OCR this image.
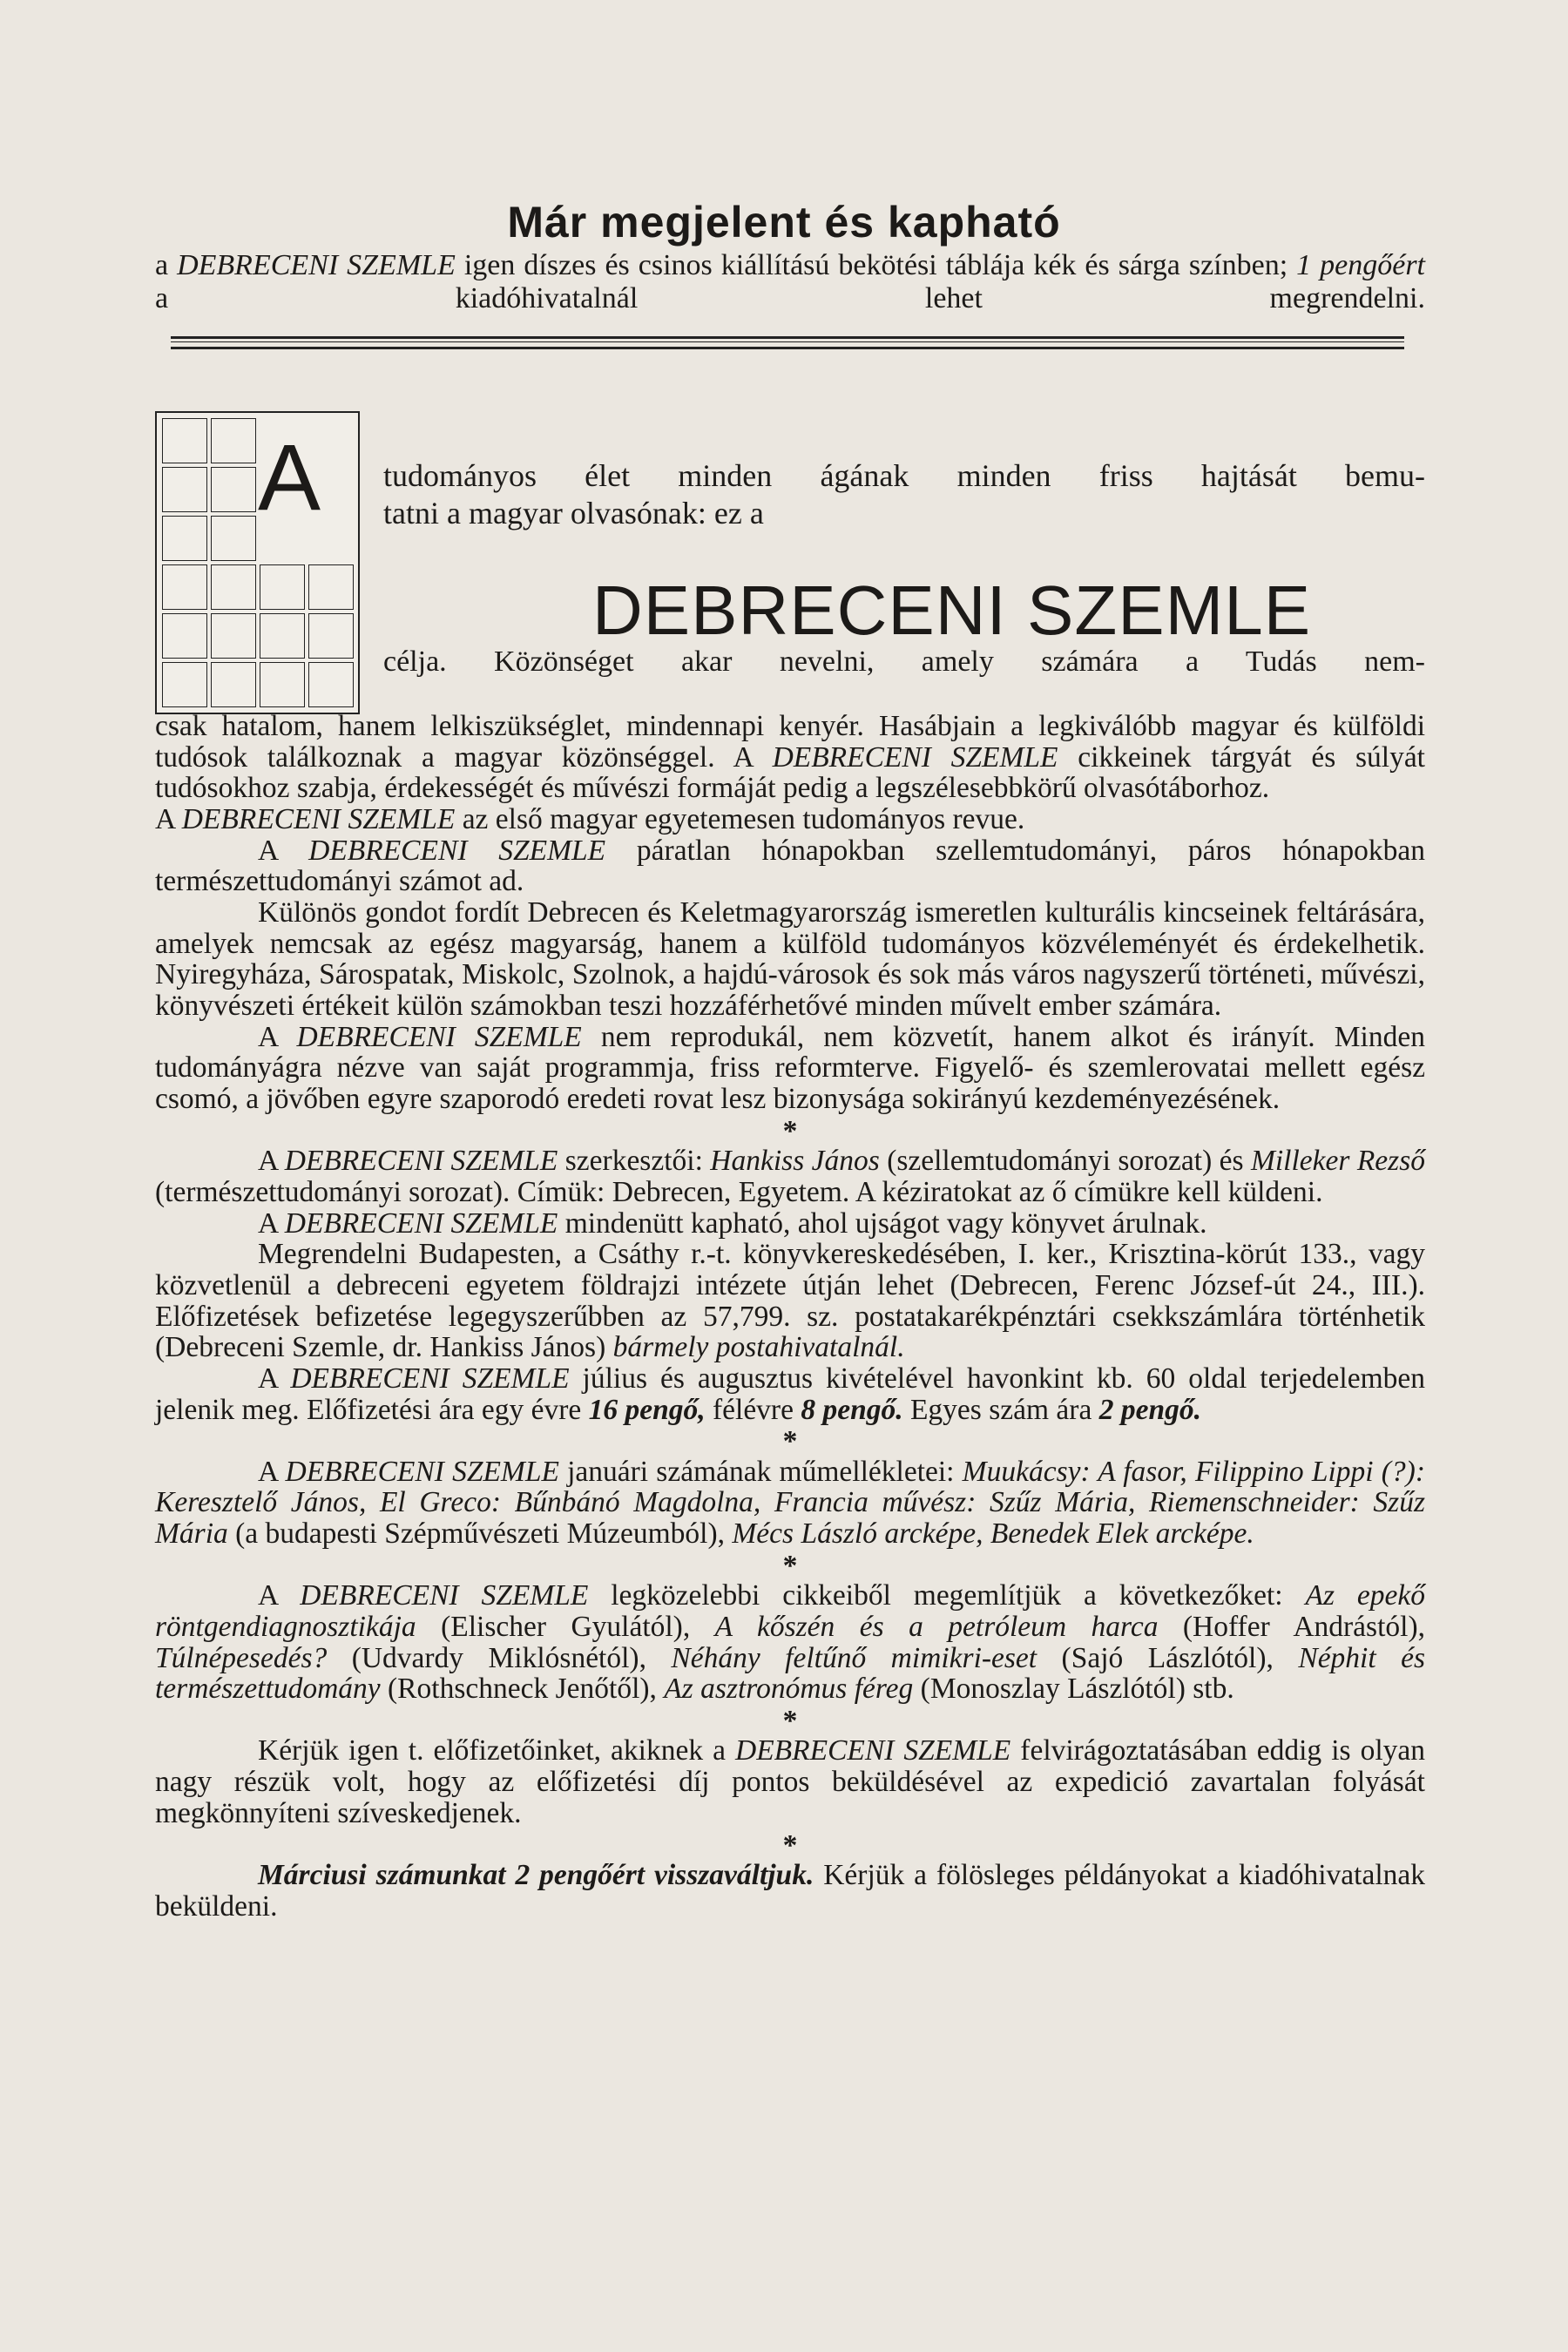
Már megjelent és kapható
a DEBRECENI SZEMLE igen díszes és csinos kiállítású bekötési táblája kék és sárga színben; 1 pengőért a kiadóhivatalnál lehet megrendelni.
A tudományos élet minden ágának minden friss hajtását bemu-
tatni a magyar olvasónak: ez a
DEBRECENI SZEMLE
célja. Közönséget akar nevelni, amely számára a Tudás nem-

csak hatalom, hanem lelkiszükséglet, mindennapi kenyér. Hasábjain a legkiválóbb magyar és külföldi tudósok találkoznak a magyar közönséggel. A DEBRECENI SZEMLE cikkeinek tárgyát és súlyát tudósokhoz szabja, érdekességét és művészi formáját pedig a legszélesebbkörű olvasótáborhoz.

A DEBRECENI SZEMLE az első magyar egyetemesen tudományos revue.

A DEBRECENI SZEMLE páratlan hónapokban szellemtudományi, páros hónapokban természettudományi számot ad.

Különös gondot fordít Debrecen és Keletmagyarország ismeretlen kulturális kincseinek feltárására, amelyek nemcsak az egész magyarság, hanem a külföld tudományos közvéleményét és érdekelhetik. Nyiregyháza, Sárospatak, Miskolc, Szolnok, a hajdú-városok és sok más város nagyszerű történeti, művészi, könyvészeti értékeit külön számokban teszi hozzáférhetővé minden művelt ember számára.

A DEBRECENI SZEMLE nem reprodukál, nem közvetít, hanem alkot és irányít. Minden tudományágra nézve van saját programmja, friss reformterve. Figyelő- és szemlerovatai mellett egész csomó, a jövőben egyre szaporodó eredeti rovat lesz bizonysága sokirányú kezdeményezésének.

*

A DEBRECENI SZEMLE szerkesztői: Hankiss János (szellemtudományi sorozat) és Milleker Rezső (természettudományi sorozat). Címük: Debrecen, Egyetem. A kéziratokat az ő címükre kell küldeni.

A DEBRECENI SZEMLE mindenütt kapható, ahol ujságot vagy könyvet árulnak.

Megrendelni Budapesten, a Csáthy r.-t. könyvkereskedésében, I. ker., Krisztina-körút 133., vagy közvetlenül a debreceni egyetem földrajzi intézete útján lehet (Debrecen, Ferenc József-út 24., III.). Előfizetések befizetése legegyszerűbben az 57,799. sz. postatakarékpénztári csekkszámlára történhetik (Debreceni Szemle, dr. Hankiss János) bármely postahivatalnál.

A DEBRECENI SZEMLE július és augusztus kivételével havonkint kb. 60 oldal terjedelemben jelenik meg. Előfizetési ára egy évre 16 pengő, félévre 8 pengő. Egyes szám ára 2 pengő.

*

A DEBRECENI SZEMLE januári számának műmellékletei: Muukácsy: A fasor, Filippino Lippi (?): Keresztelő János, El Greco: Bűnbánó Magdolna, Francia művész: Szűz Mária, Riemenschneider: Szűz Mária (a budapesti Szépművészeti Múzeumból), Mécs László arcképe, Benedek Elek arcképe.

*

A DEBRECENI SZEMLE legközelebbi cikkeiből megemlítjük a következőket: Az epekő röntgendiagnosztikája (Elischer Gyulától), A kőszén és a petróleum harca (Hoffer Andrástól), Túlnépesedés? (Udvardy Miklósnétól), Néhány feltűnő mimikri-eset (Sajó Lászlótól), Néphit és természettudomány (Rothschneck Jenőtől), Az asztronómus féreg (Monoszlay Lászlótól) stb.

*

Kérjük igen t. előfizetőinket, akiknek a DEBRECENI SZEMLE felvirágoztatásában eddig is olyan nagy részük volt, hogy az előfizetési díj pontos beküldésével az expedició zavartalan folyását megkönnyíteni szíveskedjenek.

*

Márciusi számunkat 2 pengőért visszaváltjuk. Kérjük a fölösleges példányokat a kiadóhivatalnak beküldeni.
